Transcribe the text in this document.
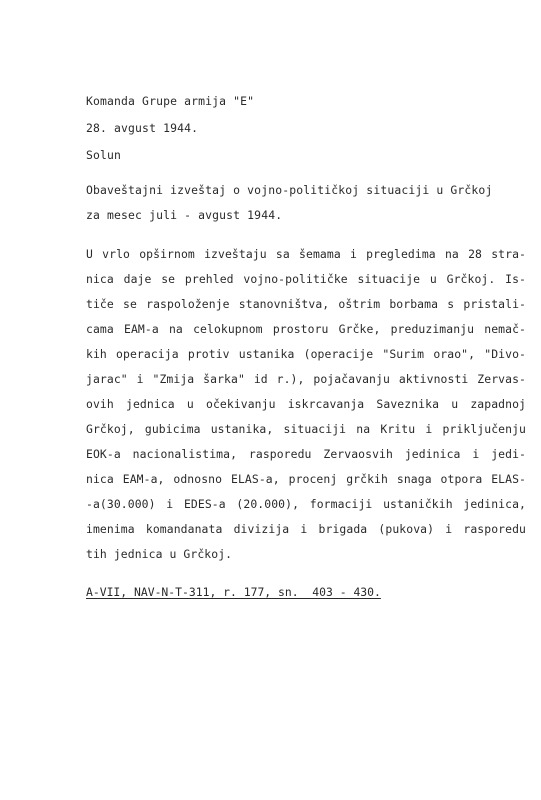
Komanda Grupe armija "E"
28. avgust 1944.
Solun
Obaveštajni izveštaj o vojno-političkoj situaciji u Grčkoj
za mesec juli - avgust 1944.
U vrlo opširnom izveštaju sa šemama i pregledima na 28 stra-
nica daje se prehled vojno-političke situacije u Grčkoj. Is-
tiče se raspoloženje stanovništva, oštrim borbama s pristali-
cama EAM-a na celokupnom prostoru Grčke, preduzimanju nemač-
kih operacija protiv ustanika (operacije "Surim orao", "Divo-
jarac" i "Zmija šarka" id r.), pojačavanju aktivnosti Zervas-
ovih jednica u očekivanju iskrcavanja Saveznika u zapadnoj
Grčkoj, gubicima ustanika, situaciji na Kritu i priključenju
EOK-a nacionalistima, rasporedu Zervaosvih jedinica i jedi-
nica EAM-a, odnosno ELAS-a, procenj grčkih snaga otpora ELAS-
-a(30.000) i EDES-a (20.000), formaciji ustaničkih jedinica,
imenima komandanata divizija i brigada (pukova) i rasporedu
tih jednica u Grčkoj.
A-VII, NAV-N-T-311, r. 177, sn.  403 - 430.
